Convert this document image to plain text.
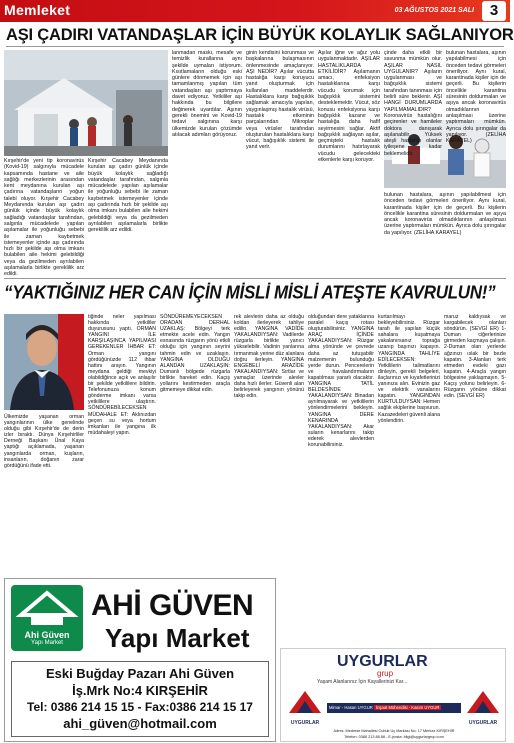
Memleket	03 AĞUSTOS 2021 SALI	3
AŞI ÇADIRI VATANDAŞLAR İÇİN BÜYÜK KOLAYLIK SAĞLANIYOR
Kırşehir'de yeni tip koronavirüs (Kovid-19) salgınıyla mücadele kapsamında hastane ve aile sağlığı merkezlerinin arasından kent meydanına kurulan aşı çadırına vatandaşların yoğun talebi oluyor. Kırşehir Cacabey Meydanında kurulan aşı çadırı günlük içinde büyük kolaylık sağladığı vatandaşlar tarafından, salgınla mücadelede yapılan aşılamalar ile yoğunluğu sebebi ile zaman kaybetmek istemeyenler içinde aşı çadırında hızlı bir şekilde aşı olma imkanı bulabilen aile hekimi gelebildiği veya da gezilmeden ayrılabilen aşılamalarla birlikte gereklilik arz edildi.
Kırşehir Cacabey Meydanında kurulan aşı çadırı günlük içinde büyük kolaylık sağladığı vatandaşlar tarafından, salgınla mücadelede yapılan aşılamalar ile yoğunluğu sebebi ile zaman kaybetmek istemeyenler içinde aşı çadırında hızlı bir şekilde aşı olma imkanı bulabilen aile hekimi gelebildiği veya da gezilmeden ayrılabilen aşılamalarla birlikte gereklilik arz edildi.
lanmadan maskı, mesafe ve temizlik kurallarına aynı şekilde uymaları istiyorum. Kısıtlamaların olduğu eski günlere dönmemek için aşı tamamlanmış yapılan tüm vatandaşları aşı yaptırmaya davet ediyoruz. Yetkililer aşı hakkında bu bilgilere değinerek uyardılar. Aşının gerekli önemini ve Kovid-19 tedavi salgınına karşı ülkemizde kurulan çözümde atılacak adımları görüyoruz.
ginin kendisini korunması ve başkalarına bulaşmasının önlenmesinde amaçlanıyor. AŞI NEDİR? Aşılar vücutta hastalığa karşı koruyucu yanıt oluşturmak için kullanılan maddelerdir. Hastalıklara karşı bağışıklık sağlamak amacıyla yapılan, yaygınlaşmış hastalık virüsü, hastalık etkeninin parçalarından Mikroplar veya virüsler tarafından oluşturulan hastalıklara karşı vücut, bağışıklık sistemi ile yanıt verir.
Aşılar iğne ve ağız yolu uygulanmaktadır. AŞILAR HASTALIKLARDA ETKİLİDİR? Aşılamanın amacı, enfeksiyon hastalıklarına karşı vücudu korumak için bağışıklık sistemini desteklemektir. Vücut, söz konusu enfeksiyona karşı bağışıklık kazanır ve hastalığa daha hafif seyirmesini sağlar. Aktif bağışıklık sağlayan aşılar, geçmişteki hastalık durumlarını hatırlayarak vücudu gelecekteki etkenlerle karşı koruyor.
çinde daha etkili bir savunma mümkün olur. AŞILAR NASIL UYGULANIR? Aşıların uygulanması ve bağışıklık sistemi tarafından tanınması için belirli süre beklenir. AŞI HANGİ DURUMLARDA YAPILMAMALIDIR? Koronavirüs hastalığını geçirenler ve hamileler doktora danışarak aşılanabilir. Yüksek ateşli hastalığı olanlar iyileşene kadar beklemelidir.
bulunan hastalara, aşının yapılabilmesi için önceden tedavi görmeleri öneriliyor. Aynı kural, karantinada kişiler için de geçerli. Bu kişilerin öncelikle karantina süresinin doldurmaları ve aşıya ancak koronavirüs olmadıklarının anlaşılması üzerine yaptırmaları mümkün. Ayrıca dolu şırıngalar da yapılıyor. (ZELİHA KARAYEL)
bulunan hastalara, aşının yapılabilmesi için önceden tedavi görmeleri öneriliyor. Aynı kural, karantinada kişiler için de geçerli. Bu kişilerin öncelikle karantina süresinin doldurmaları ve aşıya ancak koronavirüs olmadıklarının anlaşılması üzerine yaptırmaları mümkün. Ayrıca dolu şırıngalar da yapılıyor. (ZELİHA KARAYEL)
“YAKTIĞINIZ HER CAN İÇİN MİSLİ MİSLİ ATEŞTE KAVRULUN!”
Ülkemizde yaşanan orman yangınlarının ülke genelinde olduğu gibi Kırşehir'de de derin izler bıraktı. Dünya Kırşehirliler Derneği Başkanı Ünal Kaya yaptığı açıklamada, yaşanan yangınlarda orman, kuşların, insanların, doğanın zarar gördüğünü ifade etti.
tiğinde neler yapılması hakkında yetkililer duyurusunu yaptı. ORMAN YANGINI İLE KARŞILAŞINCA YAPILMASI GEREKENLER İHBAR ET: Orman yangını gördüğünüzde 112 ihbar hattını arayın. Yangının meydana geldiği mevkiyi olabildiğince açık ve anlaşılır bir şekilde yetkililere bildirin. Telefonunuza konum gönderme imkanı varsa yetkililere ulaştırın. SÖNDÜREBİLECEKSEN MÜDAHALE ET: Aklınızdan geçen su veya hortum imkanları ile yangına ilk müdahaleyi yapın.
SÖNDÜREMEYECEKSEN ORADAN DERHAL UZAKLAŞ: Bölgeyi terk etmekte acele edin. Yangın esnasında rüzgarın yönü etkili olduğu için yangının seyrini tahmin edin ve uzaklaşın. YANGINA OLDUĞU ALANDAN UZAKLAŞIN: Dumanlı bölgede rüzgarla birlikte hareket edin. Kaçış yollarını kestirmeden araçla gitmemeye dikkat edin.
rek alevlerin daha az olduğu koldan ilerleyerek tahliye edilin. YANGINA VADİDE YAKALANDIYSAN: Vadilerde rüzgarla birlikte yanıcı yükselebilir. Vadinin yanlarına tırmanmak yerine düz alanlara doğru ilerleyin. YANGINA ENGEBELİ ARAZİDE YAKALANDIYSAN: Sırtlar ve yamaçlar üzerinde alevler daha hızlı ilerler. Güvenli alan belirleyerek yangının yönünü takip edin.
olduğundan dere yataklarına paralel kaçış rotası oluşturabilirsiniz. YANGINA ARAÇ İÇİNDE YAKALANDIYSAN: Rüzgar alma yönünde ve çevrede daha az tutuşabilir malzemenin bulunduğu yerde durun. Pencerelerin ve havalandırmaların kapatılması yararlı olacaktır. YANGINA TATİL BELDESİNDE YAKALANDIYSAN: Binadan ayrılmayarak ve yetkililerin yönlendirmelerini bekleyin. YANGINA DERE KENARINDA YAKALANDIYSAN: Akar suların kenarlarını takip ederek alevlerden korunabilirsiniz.
kurtarılmayı bekleyebilirsiniz. Rüzgar tarafı ile yapılan küçük sahalara kuşatmaya yakalanırsanız toprağa uzanıp başınızı kapayın. YANGINDA TAHLİYE EDİLECEKSEN: Yetkililerin talimatlarını dinleyin, gerekli belgeleri, ilaçlarınızı ve kıyafetlerinizi yanınıza alın. Evinizin gaz ve elektrik vanalarını kapatın. YANGINDAN KURTULDUYSAN: Hemen sağlık ekiplerine başvurun. Kazazedeleri güvenli alana yönlendirin.
maruz kaldıysak ve kargabilecek olanları söndürün. (SEVGİ ER) 1-Duman ciğerlerinize girmeden kaçmaya çalışın. 2-Duman olan yerlerde ağzınızı ıslak bir bezle kapatın. 3-Alanları terk etmeden evdeki gazı kapatın. 4-Araçla yangın bölgesine yaklaşmayın. 5-Kaçış yolunu belirleyin. 6-Rüzgarın yönüne dikkat edin. (SEVGİ ER)
Ahi Güven
Yapı Market
AHİ GÜVEN
Yapı Market
Eski Buğday Pazarı Ahi Güven
İş.Mrk No:4 KIRŞEHİR
Tel: 0386 214 15 15 - Fax:0386 214 15 17
ahi_güven@hotmail.com
UYGURLAR
grup
Yaşam Alanlarınız İçin Kayallerinizi Kar...
UYGURLAR
Mimar - Hasan UYGUR İnşaat Mühendisi - Kasım UYGUR
UYGURLAR
Adres: Medrese Mahallesi Cubuk Uç Markası No: 17 Merkez KIRŞEHİR
Telefon: 0386 213 88 88 - E-posta: bilgi@uygurlargrup.com
